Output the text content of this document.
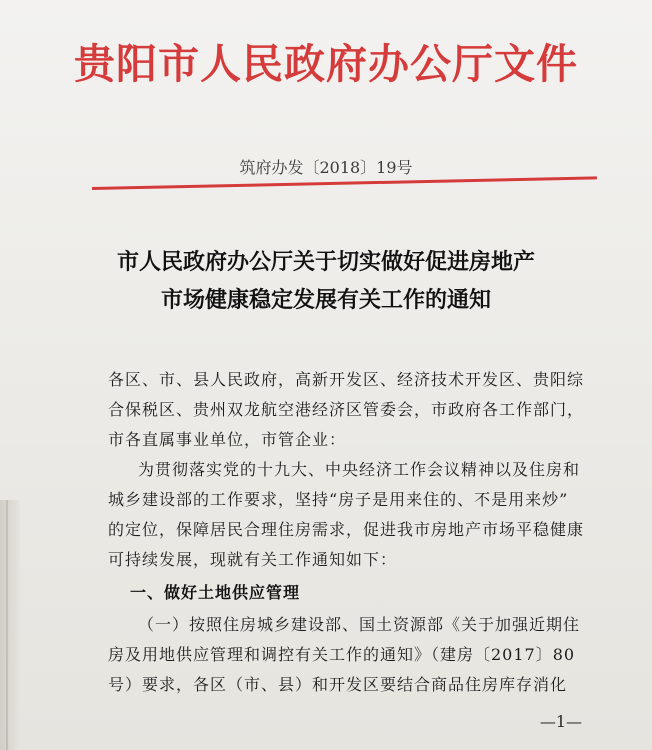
贵阳市人民政府办公厅文件
筑府办发〔2018〕19号
市人民政府办公厅关于切实做好促进房地产
市场健康稳定发展有关工作的通知
各区、市、县人民政府，高新开发区、经济技术开发区、贵阳综
合保税区、贵州双龙航空港经济区管委会，市政府各工作部门，
市各直属事业单位，市管企业：
为贯彻落实党的十九大、中央经济工作会议精神以及住房和
城乡建设部的工作要求，坚持“房子是用来住的、不是用来炒”
的定位，保障居民合理住房需求，促进我市房地产市场平稳健康
可持续发展，现就有关工作通知如下：
一、做好土地供应管理
（一）按照住房城乡建设部、国土资源部《关于加强近期住
房及用地供应管理和调控有关工作的通知》（建房〔2017〕80
号）要求，各区（市、县）和开发区要结合商品住房库存消化
—1—
